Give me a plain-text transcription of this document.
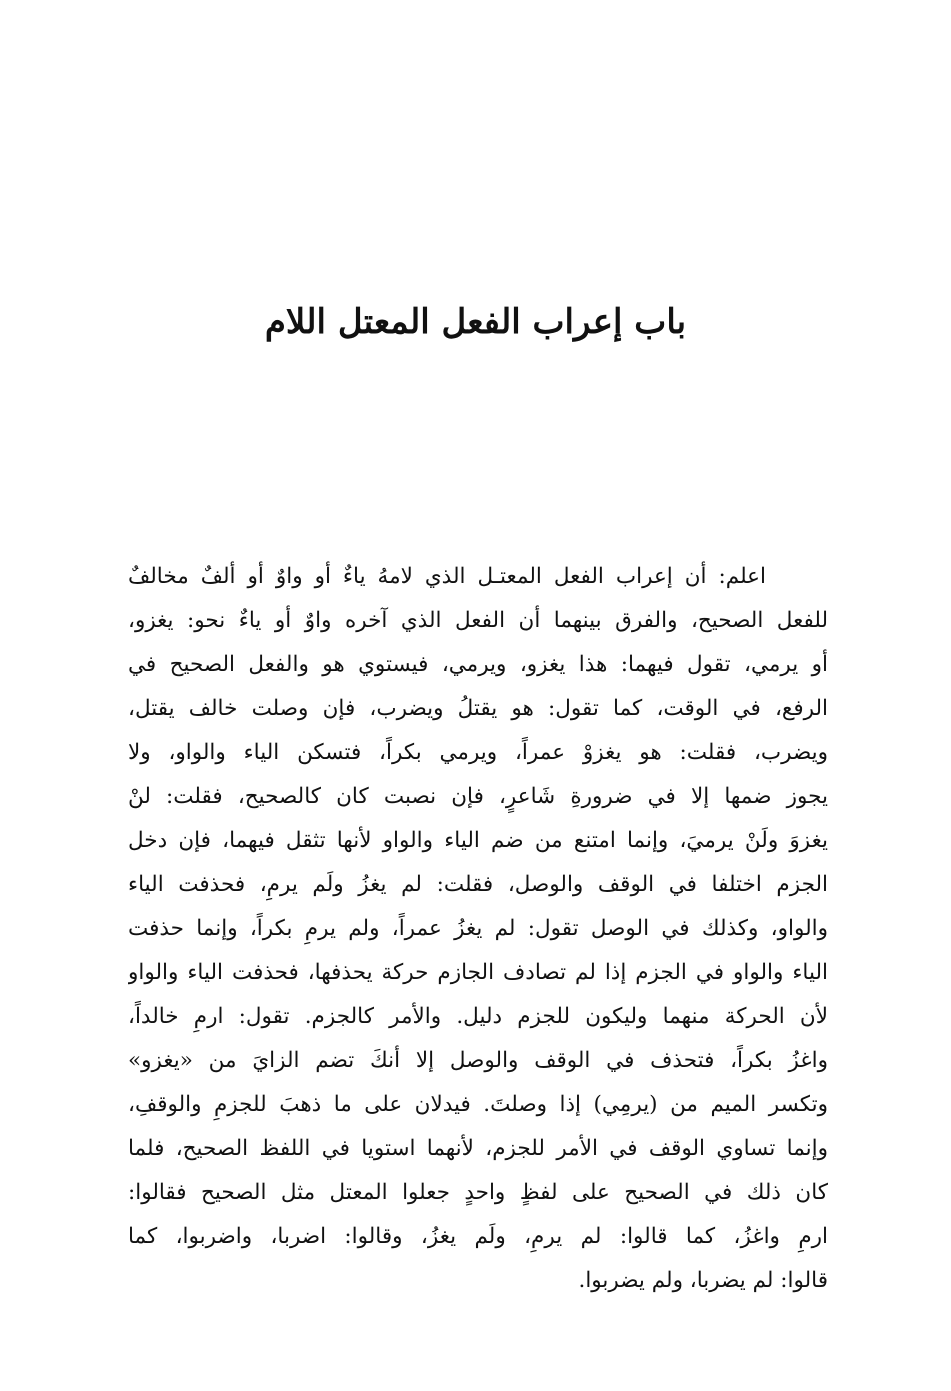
باب إعراب الفعل المعتل اللام
اعلم: أن إعراب الفعل المعتـل الذي لامهُ ياءٌ أو واوٌ أو ألفٌ مخالفٌ
للفعل الصحيح، والفرق بينهما أن الفعل الذي آخره واوٌ أو ياءٌ نحو: يغزو،
أو يرمي، تقول فيهما: هذا يغزو، ويرمي، فيستوي هو والفعل الصحيح في
الرفع، في الوقت، كما تقول: هو يقتلُ ويضرب، فإن وصلت خالف يقتل،
ويضرب، فقلت: هو يغزوْ عمراً، ويرمي بكراً، فتسكن الياء والواو، ولا
يجوز ضمها إلا في ضرورةِ شَاعرٍ، فإن نصبت كان كالصحيح، فقلت: لنْ
يغزوَ ولَنْ يرميَ، وإنما امتنع من ضم الياء والواو لأنها تثقل فيهما، فإن دخل
الجزم اختلفا في الوقف والوصل، فقلت: لم يغزُ ولَم يرمِ، فحذفت الياء
والواو، وكذلك في الوصل تقول: لم يغزُ عمراً، ولم يرمِ بكراً، وإنما حذفت
الياء والواو في الجزم إذا لم تصادف الجازم حركة يحذفها، فحذفت الياء والواو
لأن الحركة منهما وليكون للجزم دليل. والأمر كالجزم. تقول: ارمِ خالداً،
واغزُ بكراً، فتحذف في الوقف والوصل إلا أنكَ تضم الزايَ من «يغزو»
وتكسر الميم من (يرمِي) إذا وصلتَ. فيدلان على ما ذهبَ للجزمِ والوقفِ،
وإنما تساوي الوقف في الأمر للجزم، لأنهما استويا في اللفظ الصحيح، فلما
كان ذلك في الصحيح على لفظٍ واحدٍ جعلوا المعتل مثل الصحيح فقالوا:
ارمِ واغزُ، كما قالوا: لم يرمِ، ولَم يغزُ، وقالوا: اضربا، واضربوا، كما
قالوا: لم يضربا، ولم يضربوا.
